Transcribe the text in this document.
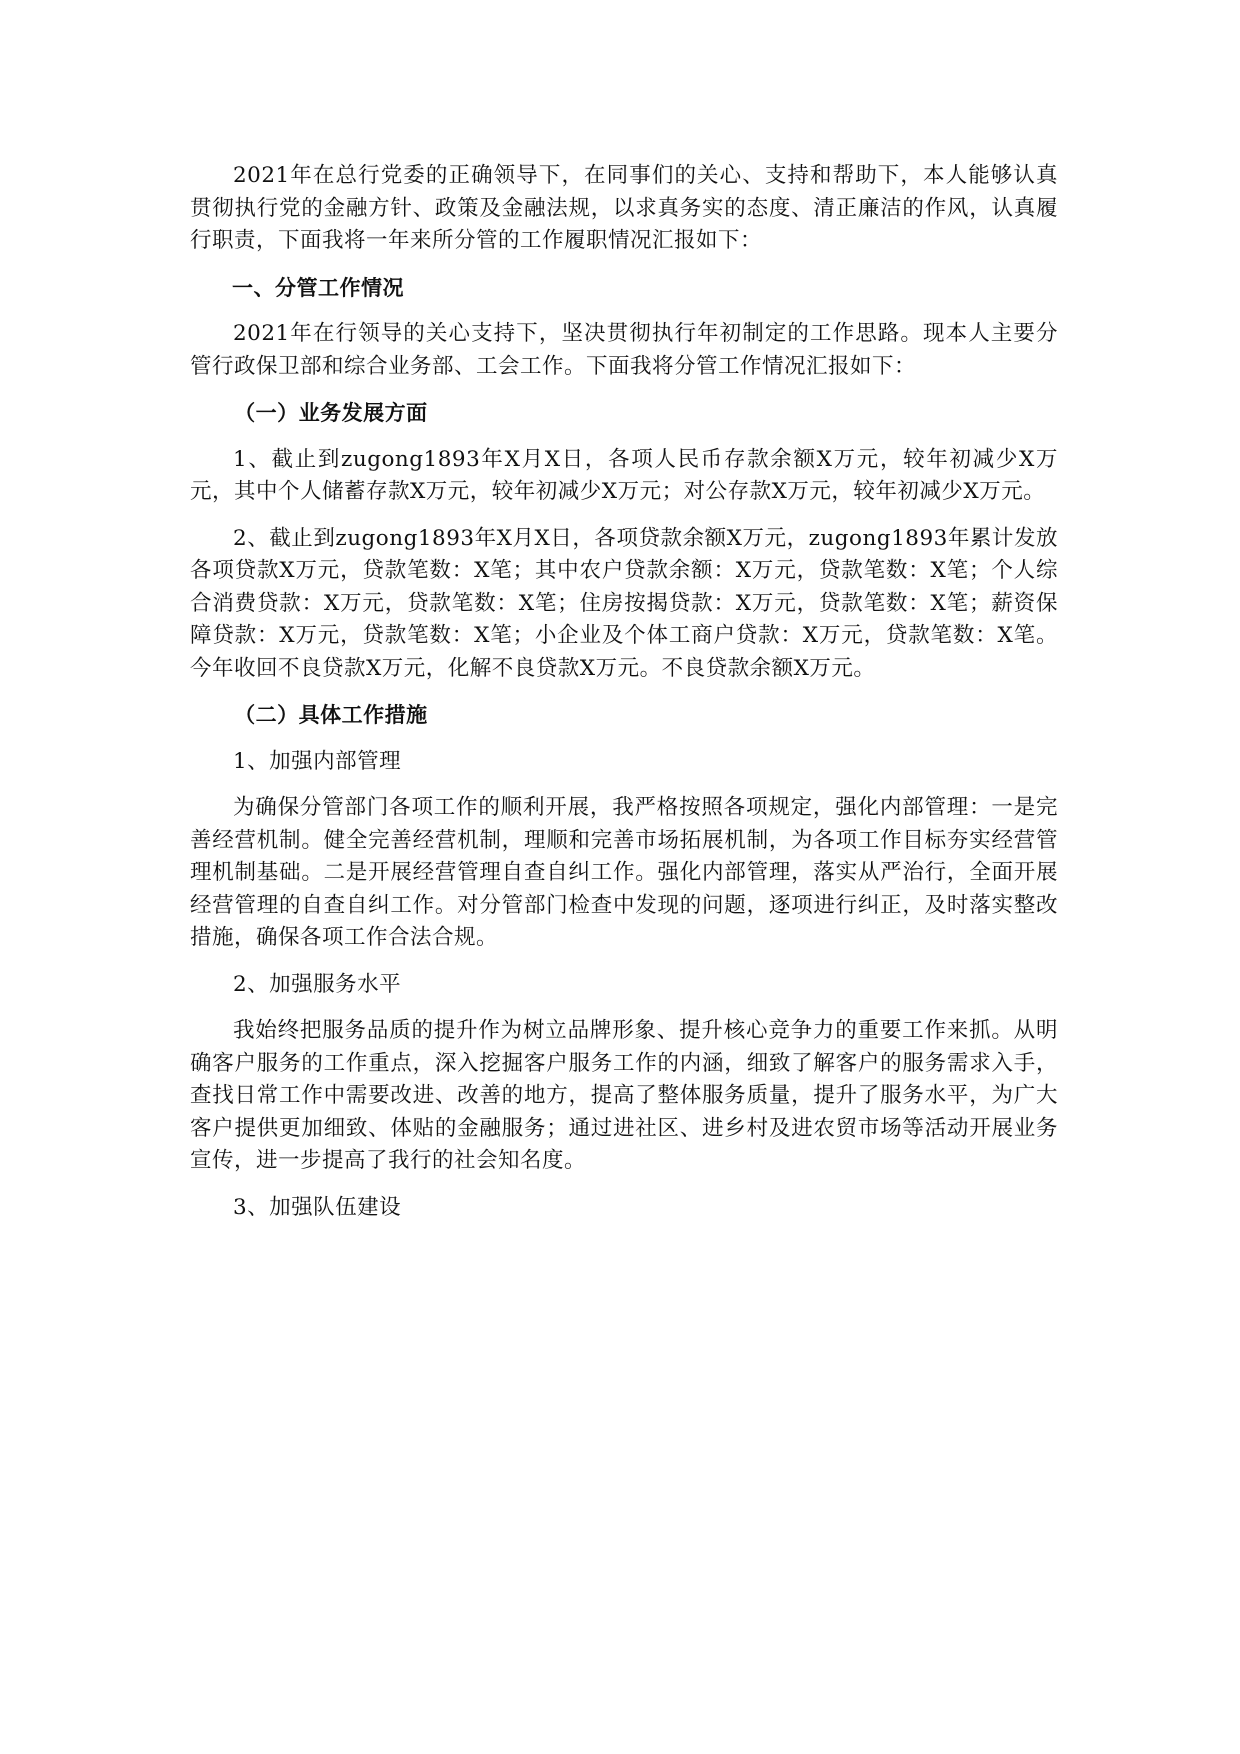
2021年在总行党委的正确领导下，在同事们的关心、支持和帮助下，本人能够认真贯彻执行党的金融方针、政策及金融法规，以求真务实的态度、清正廉洁的作风，认真履行职责，下面我将一年来所分管的工作履职情况汇报如下：

一、分管工作情况

2021年在行领导的关心支持下，坚决贯彻执行年初制定的工作思路。现本人主要分管行政保卫部和综合业务部、工会工作。下面我将分管工作情况汇报如下：

（一）业务发展方面

1、截止到zugong1893年X月X日，各项人民币存款余额X万元，较年初减少X万元，其中个人储蓄存款X万元，较年初减少X万元；对公存款X万元，较年初减少X万元。

2、截止到zugong1893年X月X日，各项贷款余额X万元，zugong1893年累计发放各项贷款X万元，贷款笔数：X笔；其中农户贷款余额：X万元，贷款笔数：X笔；个人综合消费贷款：X万元，贷款笔数：X笔；住房按揭贷款：X万元，贷款笔数：X笔；薪资保障贷款：X万元，贷款笔数：X笔；小企业及个体工商户贷款：X万元，贷款笔数：X笔。今年收回不良贷款X万元，化解不良贷款X万元。不良贷款余额X万元。

（二）具体工作措施

1、加强内部管理

为确保分管部门各项工作的顺利开展，我严格按照各项规定，强化内部管理：一是完善经营机制。健全完善经营机制，理顺和完善市场拓展机制，为各项工作目标夯实经营管理机制基础。二是开展经营管理自查自纠工作。强化内部管理，落实从严治行，全面开展经营管理的自查自纠工作。对分管部门检查中发现的问题，逐项进行纠正，及时落实整改措施，确保各项工作合法合规。

2、加强服务水平

我始终把服务品质的提升作为树立品牌形象、提升核心竞争力的重要工作来抓。从明确客户服务的工作重点，深入挖掘客户服务工作的内涵，细致了解客户的服务需求入手，查找日常工作中需要改进、改善的地方，提高了整体服务质量，提升了服务水平，为广大客户提供更加细致、体贴的金融服务；通过进社区、进乡村及进农贸市场等活动开展业务宣传，进一步提高了我行的社会知名度。

3、加强队伍建设
